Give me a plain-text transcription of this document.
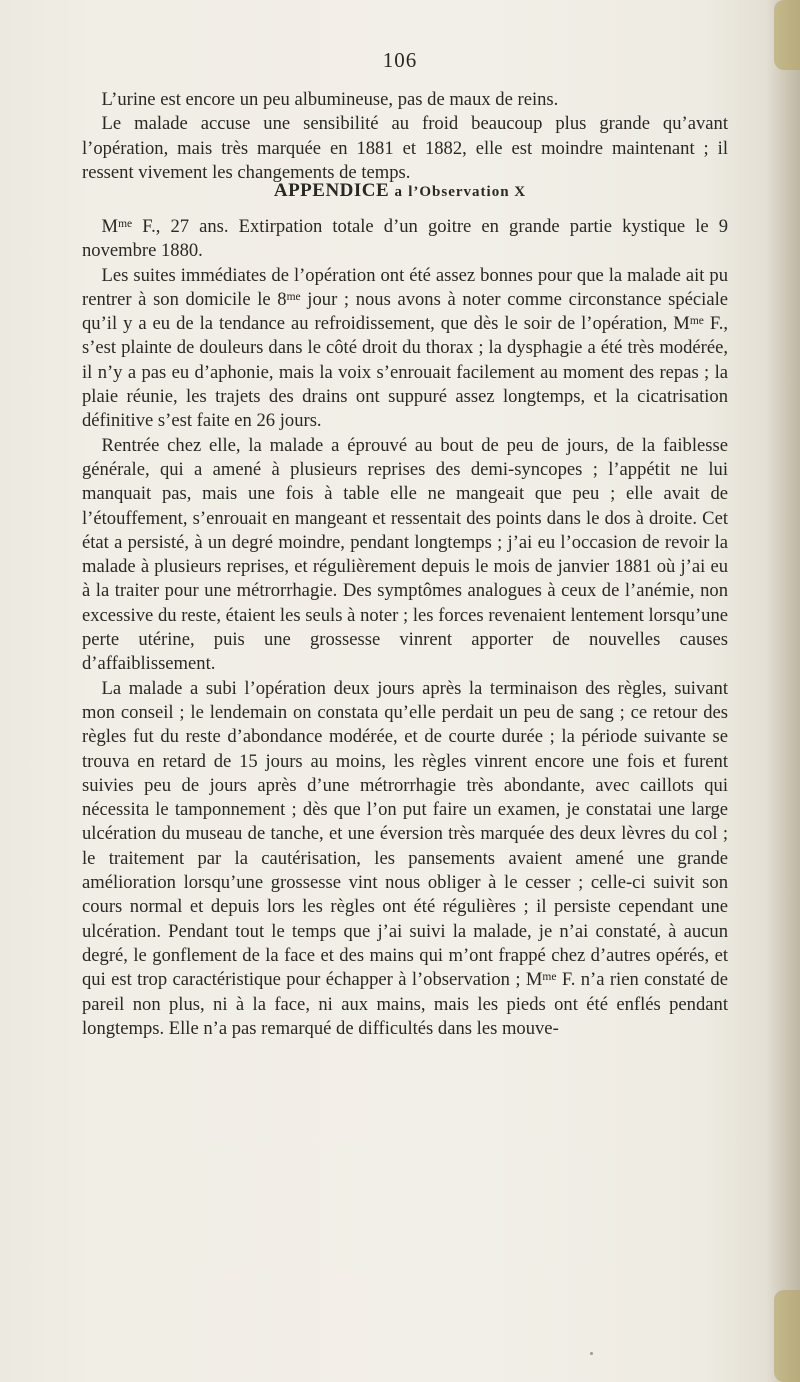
106

L’urine est encore un peu albumineuse, pas de maux de reins.

Le malade accuse une sensibilité au froid beaucoup plus grande qu’avant l’opération, mais très marquée en 1881 et 1882, elle est moindre maintenant ; il ressent vivement les changements de temps.

APPENDICE a l’Observation X

$M^{me}$ F., 27 ans. Extirpation totale d’un goitre en grande partie kystique le 9 novembre 1880.

Les suites immédiates de l’opération ont été assez bonnes pour que la malade ait pu rentrer à son domicile le $8^{me}$ jour ; nous avons à noter comme circonstance spéciale qu’il y a eu de la tendance au refroidissement, que dès le soir de l’opération, $M^{me}$ F., s’est plainte de douleurs dans le côté droit du thorax ; la dysphagie a été très modérée, il n’y a pas eu d’aphonie, mais la voix s’enrouait facilement au moment des repas ; la plaie réunie, les trajets des drains ont suppuré assez longtemps, et la cicatrisation définitive s’est faite en 26 jours.

Rentrée chez elle, la malade a éprouvé au bout de peu de jours, de la faiblesse générale, qui a amené à plusieurs reprises des demi-syncopes ; l’appétit ne lui manquait pas, mais une fois à table elle ne mangeait que peu ; elle avait de l’étouffement, s’enrouait en mangeant et ressentait des points dans le dos à droite. Cet état a persisté, à un degré moindre, pendant longtemps ; j’ai eu l’occasion de revoir la malade à plusieurs reprises, et régulièrement depuis le mois de janvier 1881 où j’ai eu à la traiter pour une métrorrhagie. Des symptômes analogues à ceux de l’anémie, non excessive du reste, étaient les seuls à noter ; les forces revenaient lentement lorsqu’une perte utérine, puis une grossesse vinrent apporter de nouvelles causes d’affaiblissement.

La malade a subi l’opération deux jours après la terminaison des règles, suivant mon conseil ; le lendemain on constata qu’elle perdait un peu de sang ; ce retour des règles fut du reste d’abondance modérée, et de courte durée ; la période suivante se trouva en retard de 15 jours au moins, les règles vinrent encore une fois et furent suivies peu de jours après d’une métrorrhagie très abondante, avec caillots qui nécessita le tamponnement ; dès que l’on put faire un examen, je constatai une large ulcération du museau de tanche, et une éversion très marquée des deux lèvres du col ; le traitement par la cautérisation, les pansements avaient amené une grande amélioration lorsqu’une grossesse vint nous obliger à le cesser ; celle-ci suivit son cours normal et depuis lors les règles ont été régulières ; il persiste cependant une ulcération. Pendant tout le temps que j’ai suivi la malade, je n’ai constaté, à aucun degré, le gonflement de la face et des mains qui m’ont frappé chez d’autres opérés, et qui est trop caractéristique pour échapper à l’observation ; $M^{me}$ F. n’a rien constaté de pareil non plus, ni à la face, ni aux mains, mais les pieds ont été enflés pendant longtemps. Elle n’a pas remarqué de difficultés dans les mouve-
